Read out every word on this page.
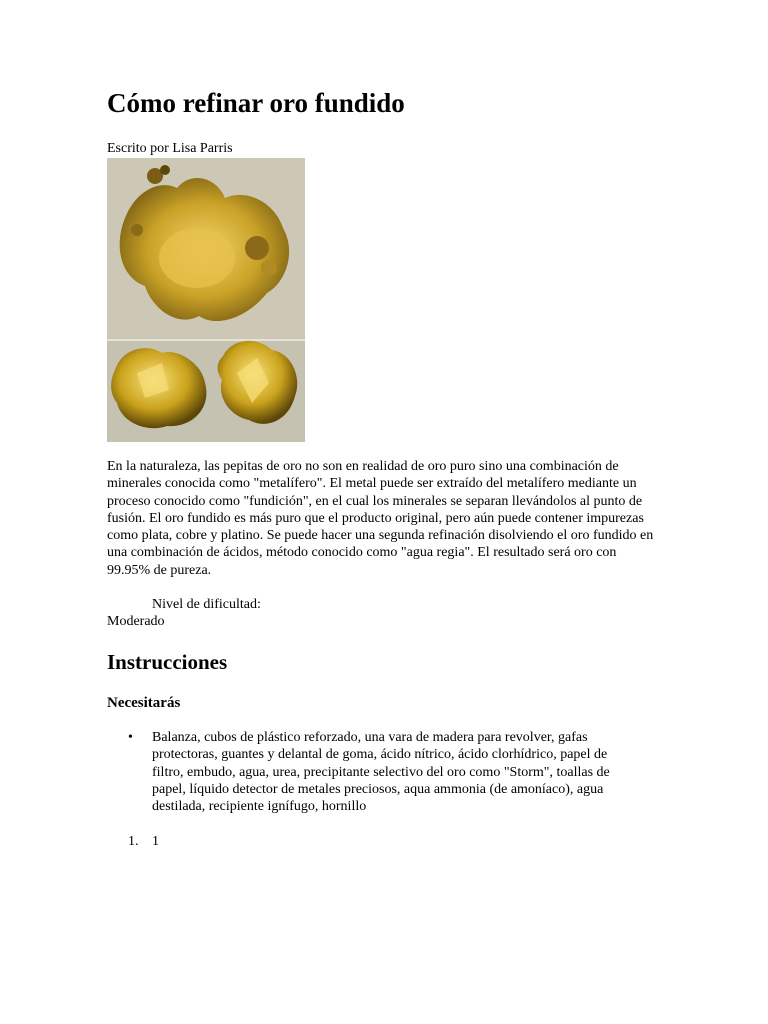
Cómo refinar oro fundido
Escrito por Lisa Parris

En la naturaleza, las pepitas de oro no son en realidad de oro puro sino una combinación de minerales conocida como "metalífero". El metal puede ser extraído del metalífero mediante un proceso conocido como "fundición", en el cual los minerales se separan llevándolos al punto de fusión. El oro fundido es más puro que el producto original, pero aún puede contener impurezas como plata, cobre y platino. Se puede hacer una segunda refinación disolviendo el oro fundido en una combinación de ácidos, método conocido como "agua regia". El resultado será oro con 99.95% de pureza.

Nivel de dificultad:
Moderado
Instrucciones
Necesitarás
• Balanza, cubos de plástico reforzado, una vara de madera para revolver, gafas protectoras, guantes y delantal de goma, ácido nítrico, ácido clorhídrico, papel de filtro, embudo, agua, urea, precipitante selectivo del oro como "Storm", toallas de papel, líquido detector de metales preciosos, aqua ammonia (de amoníaco), agua destilada, recipiente ignífugo, hornillo
1. 1
